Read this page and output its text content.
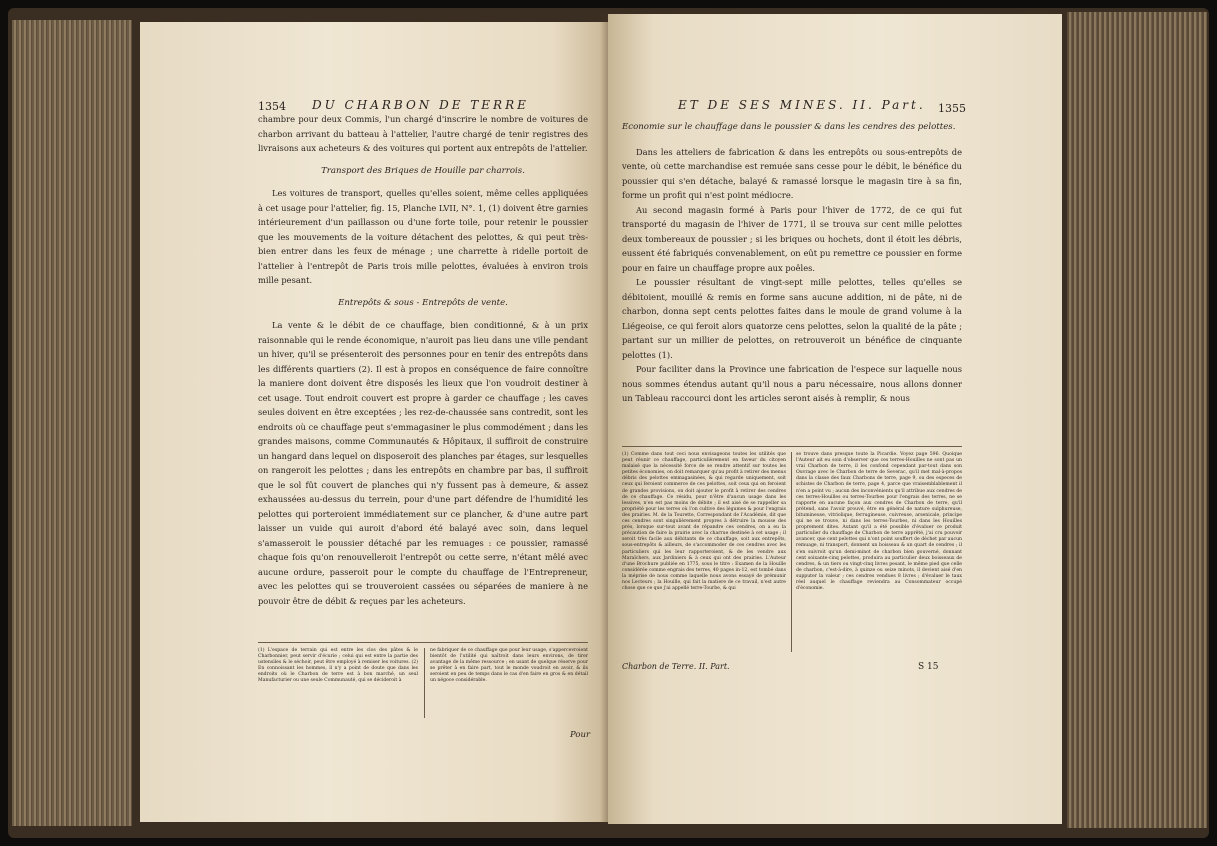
1354 DU CHARBON DE TERRE

chambre pour deux Commis, l'un chargé d'inscrire le nombre de voitures de charbon arrivant du batteau à l'attelier, l'autre chargé de tenir registres des livraisons aux acheteurs & des voitures qui portent aux entrepôts de l'attelier.

Transport des Briques de Houille par charrois.

Les voitures de transport, quelles qu'elles soient, même celles appliquées à cet usage pour l'attelier, fig. 15, Planche LVII, N°. 1, (1) doivent être garnies intérieurement d'un paillasson ou d'une forte toile, pour retenir le poussier que les mouvements de la voiture détachent des pelottes, & qui peut très-bien entrer dans les feux de ménage ; une charrette à ridelle portoit de l'attelier à l'entrepôt de Paris trois mille pelottes, évaluées à environ trois mille pesant.

Entrepôts & sous - Entrepôts de vente.

La vente & le débit de ce chauffage, bien conditionné, & à un prix raisonnable qui le rende économique, n'auroit pas lieu dans une ville pendant un hiver, qu'il se présenteroit des personnes pour en tenir des entrepôts dans les différents quartiers (2). Il est à propos en conséquence de faire connoître la maniere dont doivent être disposés les lieux que l'on voudroit destiner à cet usage. Tout endroit couvert est propre à garder ce chauffage ; les caves seules doivent en être exceptées ; les rez-de-chaussée sans contredit, sont les endroits où ce chauffage peut s'emmagasiner le plus commodément ; dans les grandes maisons, comme Communautés & Hôpitaux, il suffiroit de construire un hangard dans lequel on disposeroit des planches par étages, sur lesquelles on rangeroit les pelottes ; dans les entrepôts en chambre par bas, il suffiroit que le sol fût couvert de planches qui n'y fussent pas à demeure, & assez exhaussées au-dessus du terrein, pour d'une part défendre de l'humidité les pelottes qui porteroient immédiatement sur ce plancher, & d'une autre part laisser un vuide qui auroit d'abord été balayé avec soin, dans lequel s'amasseroit le poussier détaché par les remuages : ce poussier, ramassé chaque fois qu'on renouvelleroit l'entrepôt ou cette serre, n'étant mêlé avec aucune ordure, passeroit pour le compte du chauffage de l'Entrepreneur, avec les pelottes qui se trouveroient cassées ou séparées de maniere à ne pouvoir être de débit & reçues par les acheteurs.

(1) L'espace de terrain qui est entre les clos des pâtes & le Charbonnier, peut servir d'écurie ; celui qui est entre la partie des ustensiles & le séchoir, peut être employé à remiser les voitures. (2) En connoissant les hommes, il n'y a point de doute que dans les endroits où le Charbon de terre est à bon marché, un seul Manufacturier ou une seule Communauté, qui se décideroit à
ne fabriquer de ce chauffage que pour leur usage, s'appercevroient bientôt de l'utilité qui naîtroit dans leurs environs, de tirer avantage de la même ressource ; en usant de quelque réserve pour se prêter à en faire part, tout le monde voudroit en avoir, & ils seroient en peu de temps dans le cas d'en faire en gros & en détail un négoce considérable.
Pour
ET DE SES MINES. II. Part. 1355

Economie sur le chauffage dans le poussier & dans les cendres des pelottes.

Dans les atteliers de fabrication & dans les entrepôts ou sous-entrepôts de vente, où cette marchandise est remuée sans cesse pour le débit, le bénéfice du poussier qui s'en détache, balayé & ramassé lorsque le magasin tire à sa fin, forme un profit qui n'est point médiocre.

Au second magasin formé à Paris pour l'hiver de 1772, de ce qui fut transporté du magasin de l'hiver de 1771, il se trouva sur cent mille pelottes deux tombereaux de poussier ; si les briques ou hochets, dont il étoit les débris, eussent été fabriqués convenablement, on eût pu remettre ce poussier en forme pour en faire un chauffage propre aux poêles.

Le poussier résultant de vingt-sept mille pelottes, telles qu'elles se débitoient, mouillé & remis en forme sans aucune addition, ni de pâte, ni de charbon, donna sept cents pelottes faites dans le moule de grand volume à la Liégeoise, ce qui feroit alors quatorze cens pelottes, selon la qualité de la pâte ; partant sur un millier de pelottes, on retrouveroit un bénéfice de cinquante pelottes (1).

Pour faciliter dans la Province une fabrication de l'espece sur laquelle nous nous sommes étendus autant qu'il nous a paru nécessaire, nous allons donner un Tableau raccourci dont les articles seront aisés à remplir, & nous

(1) Comme dans tout ceci nous envisageons toutes les utilités que peut réunir ce chauffage, particulièrement en faveur du citoyen malaisé que la nécessité force de se rendre attentif sur toutes les petites économies, on doit remarquer qu'au profit à retirer des menus débris des pelottes emmagasinées, & qui regarde uniquement, soit ceux qui feroient commerce de ces pelottes, soit ceux qui en feroient de grandes provisions, on doit ajouter le profit à retirer des cendres de ce chauffage. Ce résidu, pour n'être d'aucun usage dans les lessives, n'en est pas moins de débite ; il est aisé de se rappeller sa propriété pour les terres où l'on cultive des légumes & pour l'engrais des prairies. M. de la Tourette, Correspondant de l'Académie, dit que ces cendres sont singulièrement propres à détruire la mousse des prés, lorsque sur-tout avant de répandre ces cendres, on a eu la précaution de faire la prairie avec la charrue destinée à cet usage ; il seroit très facile aux débitants de ce chauffage, soit aux entrepôts, sous-entrepôts & ailleurs, de s'accommoder de ces cendres avec les particuliers qui les leur rapporteroient, & de les vendre aux Maraîchers, aux Jardiniers & à ceux qui ont des prairies. L'Auteur d'une Brochure publiée en 1775, sous le titre : Examen de la Houille considérée comme engrais des terres, 40 pages in-12, est tombé dans la méprise de nous comme laquelle nous avons essayé de prémunir nos Lecteurs ; la Houille, qui fait la matiere de ce travail, n'est autre chose que ce que j'ai appellé terre-Tourbe, & qui
se trouve dans presque toute la Picardie. Voyez page 596. Quoique l'Auteur ait eu soin d'observer que ces terres-Houilles ne sont pas un vrai Charbon de terre, il les confond cependant par-tout dans son Ouvrage avec le Charbon de terre de Severac, qu'il met mal-à-propos dans la classe des faux Charbons de terre, page 9, ou des especes de schistes de Charbon de terre, page 4, parce que vraisemblablement il n'en a point vu ; aucun des inconvénients qu'il attribue aux cendres de ces terres-Houilles ou terres-Tourbes pour l'engrais des terres, ne se rapporte en aucune façon aux cendres de Charbon de terre, qu'il prétend, sans l'avoir prouvé, être en général de nature sulphureuse, bitumineuse, vitriolique, ferrugineuse, cuivreuse, arsenicale, principe qui ne se trouve, ni dans les terres-Tourbes, ni dans les Houilles proprement dites. Autant qu'il a été possible d'évaluer ce produit particulier du chauffage de Charbon de terre apprêté, j'ai cru pouvoir avancer, que cent pelottes qui n'ont point souffert de déchet par aucun remuage, ni transport, donnent un boisseau & un quart de cendres ; il s'en suivroit qu'un demi-minot de charbon bien gouverné, donnant cent soixante-cinq pelottes, produira au particulier deux boisseaux de cendres, & un tiers ou vingt-cinq livres pesant, le même pied que celle de charbon, c'est-à-dire, à quinze ou seize minots, il devient aisé d'en supputer la valeur ; ces cendres vendues 8 livres ; d'évaluer le taux réel auquel le chauffage reviendra au Consommateur occupé d'économie.
Charbon de Terre. II. Part.	S 15
